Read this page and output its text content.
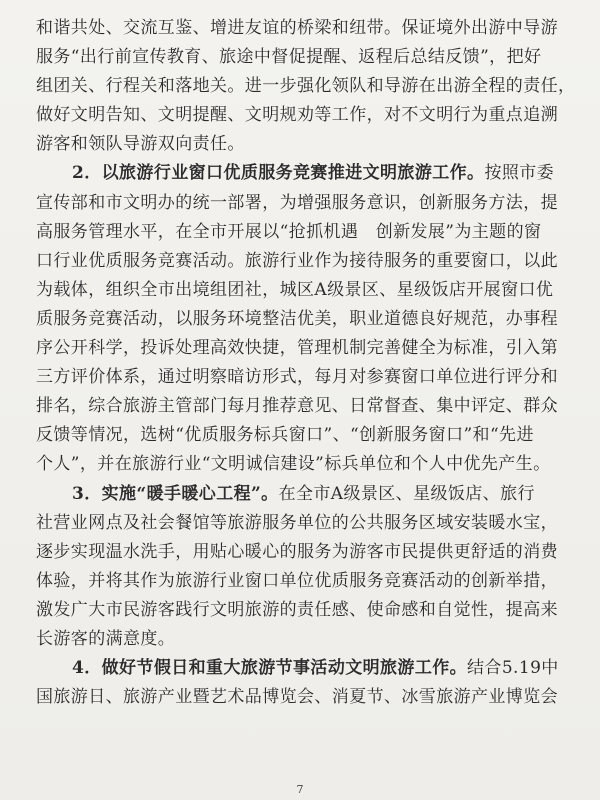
和谐共处、交流互鉴、增进友谊的桥梁和纽带。保证境外出游中导游
服务“出行前宣传教育、旅途中督促提醒、返程后总结反馈”，把好
组团关、行程关和落地关。进一步强化领队和导游在出游全程的责任，
做好文明告知、文明提醒、文明规劝等工作，对不文明行为重点追溯
游客和领队导游双向责任。
2．以旅游行业窗口优质服务竞赛推进文明旅游工作。按照市委
宣传部和市文明办的统一部署，为增强服务意识，创新服务方法，提
高服务管理水平，在全市开展以“抢抓机遇　创新发展”为主题的窗
口行业优质服务竞赛活动。旅游行业作为接待服务的重要窗口，以此
为载体，组织全市出境组团社，城区A级景区、星级饭店开展窗口优
质服务竞赛活动，以服务环境整洁优美，职业道德良好规范，办事程
序公开科学，投诉处理高效快捷，管理机制完善健全为标准，引入第
三方评价体系，通过明察暗访形式，每月对参赛窗口单位进行评分和
排名，综合旅游主管部门每月推荐意见、日常督查、集中评定、群众
反馈等情况，选树“优质服务标兵窗口”、“创新服务窗口”和“先进
个人”，并在旅游行业“文明诚信建设”标兵单位和个人中优先产生。
3．实施“暖手暖心工程”。在全市A级景区、星级饭店、旅行
社营业网点及社会餐馆等旅游服务单位的公共服务区域安装暖水宝，
逐步实现温水洗手，用贴心暖心的服务为游客市民提供更舒适的消费
体验，并将其作为旅游行业窗口单位优质服务竞赛活动的创新举措，
激发广大市民游客践行文明旅游的责任感、使命感和自觉性，提高来
长游客的满意度。
4．做好节假日和重大旅游节事活动文明旅游工作。结合5.19中
国旅游日、旅游产业暨艺术品博览会、消夏节、冰雪旅游产业博览会
7
